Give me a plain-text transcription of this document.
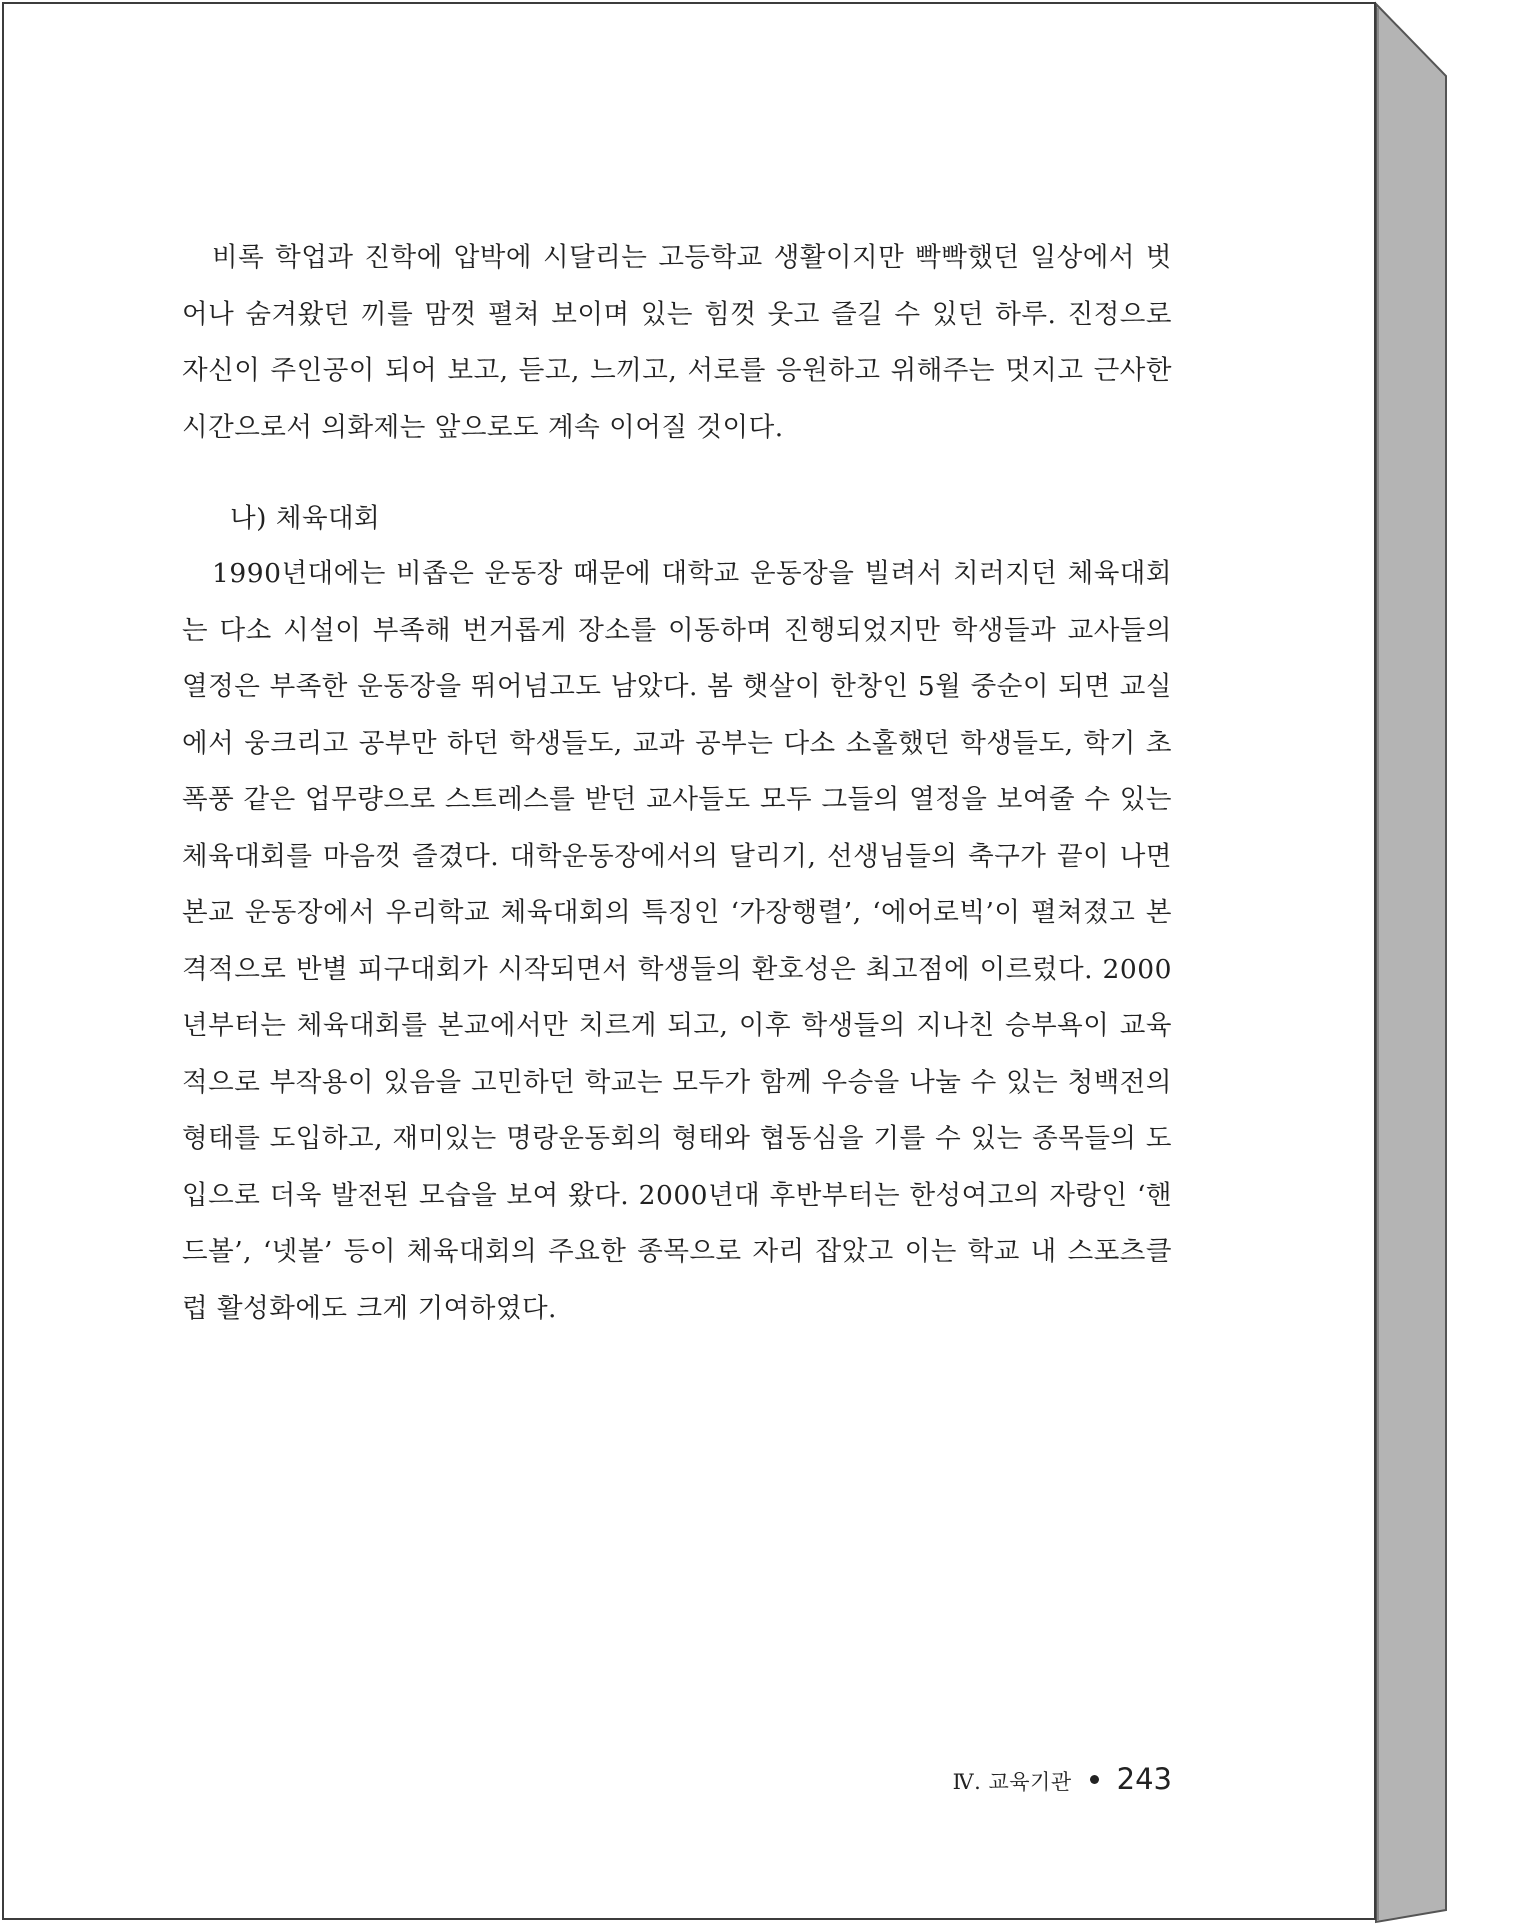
비록 학업과 진학에 압박에 시달리는 고등학교 생활이지만 빡빡했던 일상에서 벗어나 숨겨왔던 끼를 맘껏 펼쳐 보이며 있는 힘껏 웃고 즐길 수 있던 하루. 진정으로 자신이 주인공이 되어 보고, 듣고, 느끼고, 서로를 응원하고 위해주는 멋지고 근사한 시간으로서 의화제는 앞으로도 계속 이어질 것이다.

나) 체육대회

1990년대에는 비좁은 운동장 때문에 대학교 운동장을 빌려서 치러지던 체육대회는 다소 시설이 부족해 번거롭게 장소를 이동하며 진행되었지만 학생들과 교사들의 열정은 부족한 운동장을 뛰어넘고도 남았다. 봄 햇살이 한창인 5월 중순이 되면 교실에서 웅크리고 공부만 하던 학생들도, 교과 공부는 다소 소홀했던 학생들도, 학기 초 폭풍 같은 업무량으로 스트레스를 받던 교사들도 모두 그들의 열정을 보여줄 수 있는 체육대회를 마음껏 즐겼다. 대학운동장에서의 달리기, 선생님들의 축구가 끝이 나면 본교 운동장에서 우리학교 체육대회의 특징인 ‘가장행렬’, ‘에어로빅’이 펼쳐졌고 본격적으로 반별 피구대회가 시작되면서 학생들의 환호성은 최고점에 이르렀다. 2000년부터는 체육대회를 본교에서만 치르게 되고, 이후 학생들의 지나친 승부욕이 교육적으로 부작용이 있음을 고민하던 학교는 모두가 함께 우승을 나눌 수 있는 청백전의 형태를 도입하고, 재미있는 명랑운동회의 형태와 협동심을 기를 수 있는 종목들의 도입으로 더욱 발전된 모습을 보여 왔다. 2000년대 후반부터는 한성여고의 자랑인 ‘핸드볼’, ‘넷볼’ 등이 체육대회의 주요한 종목으로 자리 잡았고 이는 학교 내 스포츠클럽 활성화에도 크게 기여하였다.

Ⅳ. 교육기관 243
